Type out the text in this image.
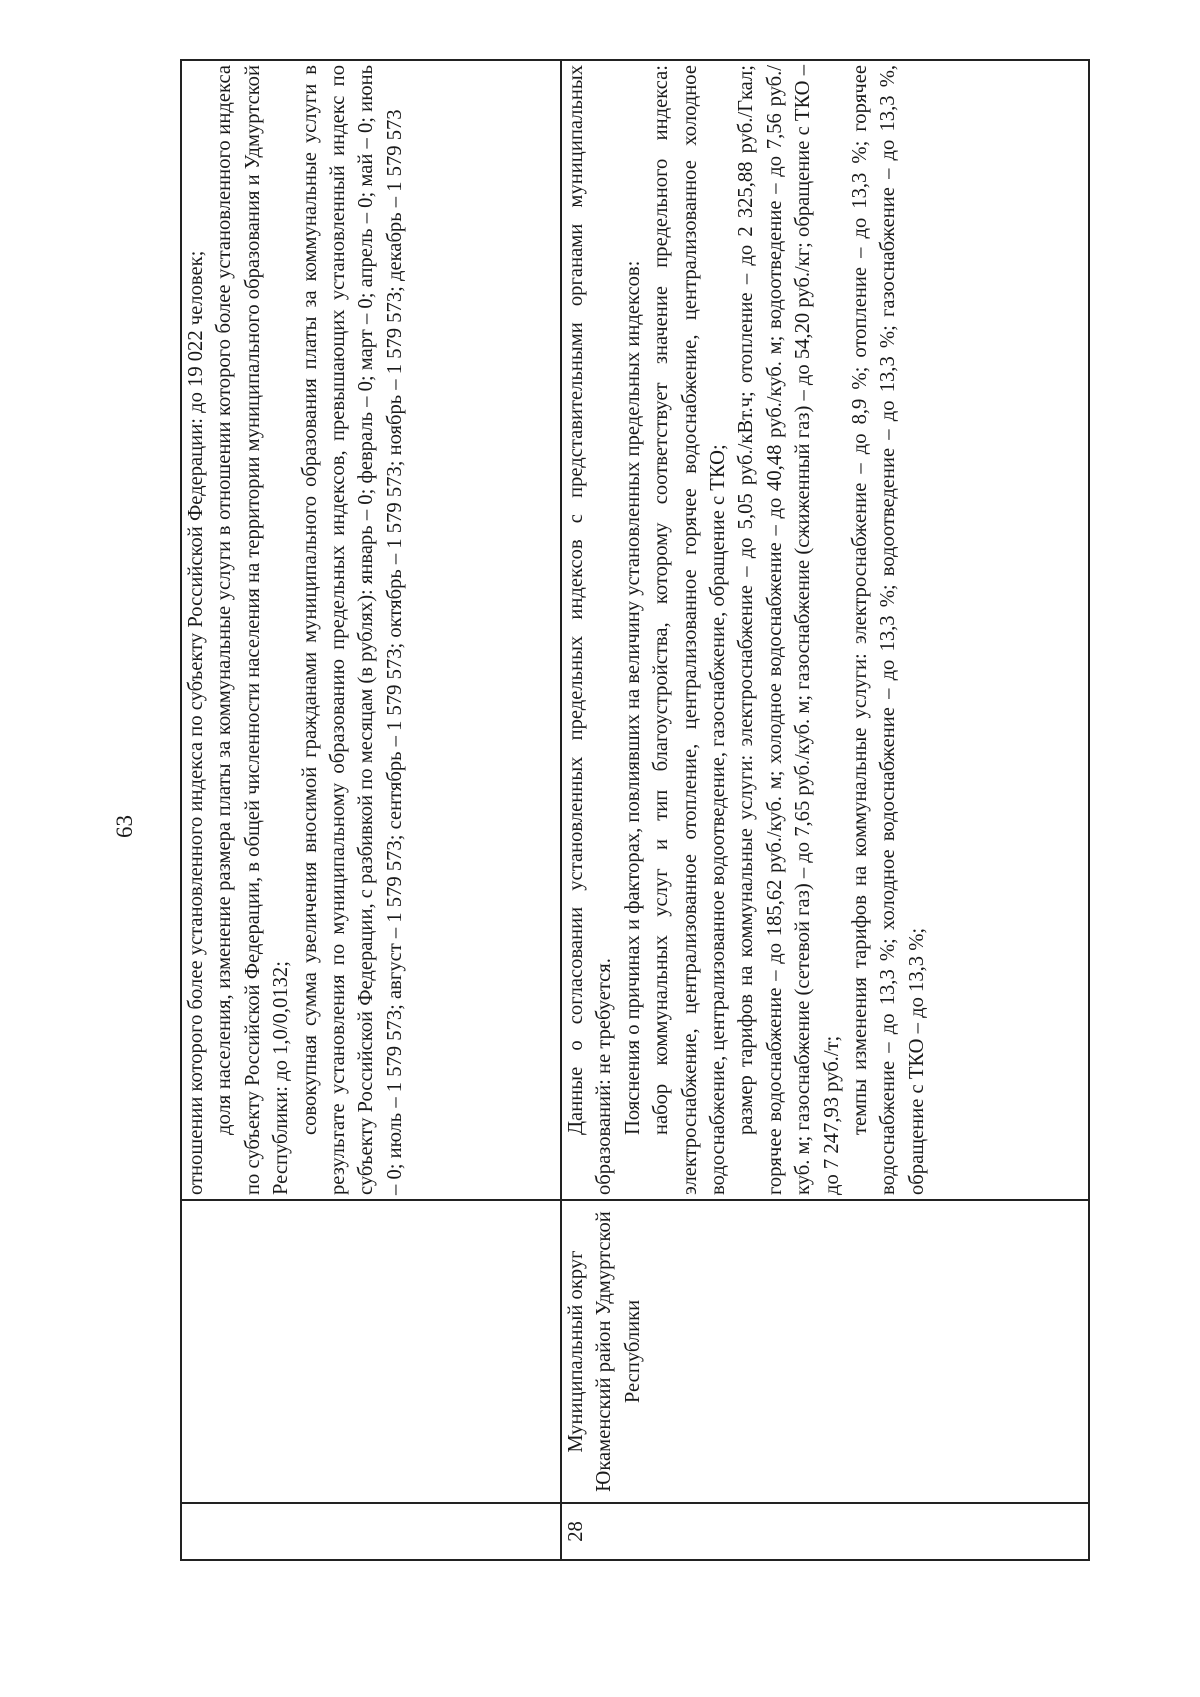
63

		отношении которого более установленного индекса по субъекту Российской Федерации: до 19 022 человек; доля населения, изменение размера платы за коммунальные услуги в отношении которого более установленного индекса по субъекту Российской Федерации, в общей численности населения на территории муниципального образования и Удмуртской Республики: до 1,0/0,0132; совокупная сумма увеличения вносимой гражданами муниципального образования платы за коммунальные услуги в результате установления по муниципальному образованию предельных индексов, превышающих установленный индекс по субъекту Российской Федерации, с разбивкой по месяцам (в рублях): январь – 0; февраль – 0; март – 0; апрель – 0; май – 0; июнь – 0; июль – 1 579 573; август – 1 579 573; сентябрь – 1 579 573; октябрь – 1 579 573; ноябрь – 1 579 573; декабрь – 1 579 573

28	Муниципальный округ Юкаменский район Удмуртской Республики	Данные о согласовании установленных предельных индексов с представительными органами муниципальных образований: не требуется. Пояснения о причинах и факторах, повлиявших на величину установленных предельных индексов: набор коммунальных услуг и тип благоустройства, которому соответствует значение предельного индекса: электроснабжение, централизованное отопление, централизованное горячее водоснабжение, централизованное холодное водоснабжение, централизованное водоотведение, газоснабжение, обращение с ТКО; размер тарифов на коммунальные услуги: электроснабжение – до 5,05 руб./кВт.ч; отопление – до 2 325,88 руб./Гкал; горячее водоснабжение – до 185,62 руб./куб. м; холодное водоснабжение – до 40,48 руб./куб. м; водоотведение – до 7,56 руб./куб. м; газоснабжение (сетевой газ) – до 7,65 руб./куб. м; газоснабжение (сжиженный газ) – до 54,20 руб./кг; обращение с ТКО – до 7 247,93 руб./т; темпы изменения тарифов на коммунальные услуги: электроснабжение – до 8,9 %; отопление – до 13,3 %; горячее водоснабжение – до 13,3 %; холодное водоснабжение – до 13,3 %; водоотведение – до 13,3 %; газоснабжение – до 13,3 %, обращение с ТКО – до 13,3 %;
